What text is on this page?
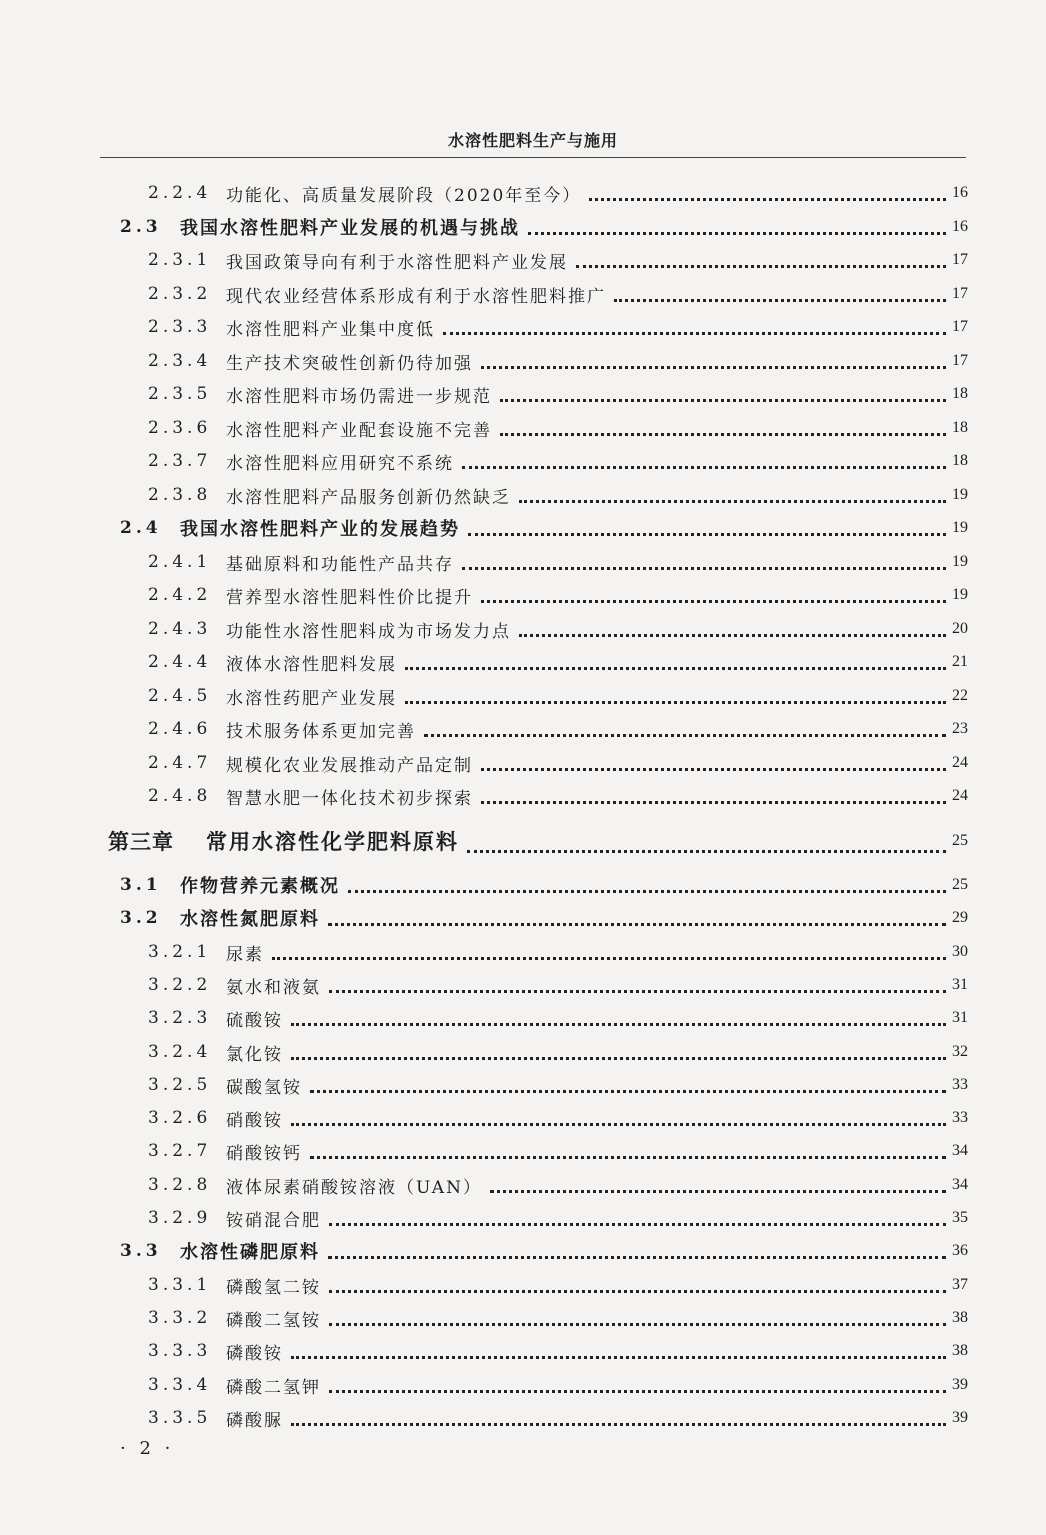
水溶性肥料生产与施用
2.2.4 功能化、高质量发展阶段（2020年至今）	16
2.3 我国水溶性肥料产业发展的机遇与挑战	16
2.3.1 我国政策导向有利于水溶性肥料产业发展	17
2.3.2 现代农业经营体系形成有利于水溶性肥料推广	17
2.3.3 水溶性肥料产业集中度低	17
2.3.4 生产技术突破性创新仍待加强	17
2.3.5 水溶性肥料市场仍需进一步规范	18
2.3.6 水溶性肥料产业配套设施不完善	18
2.3.7 水溶性肥料应用研究不系统	18
2.3.8 水溶性肥料产品服务创新仍然缺乏	19
2.4 我国水溶性肥料产业的发展趋势	19
2.4.1 基础原料和功能性产品共存	19
2.4.2 营养型水溶性肥料性价比提升	19
2.4.3 功能性水溶性肥料成为市场发力点	20
2.4.4 液体水溶性肥料发展	21
2.4.5 水溶性药肥产业发展	22
2.4.6 技术服务体系更加完善	23
2.4.7 规模化农业发展推动产品定制	24
2.4.8 智慧水肥一体化技术初步探索	24
第三章 常用水溶性化学肥料原料	25
3.1 作物营养元素概况	25
3.2 水溶性氮肥原料	29
3.2.1 尿素	30
3.2.2 氨水和液氨	31
3.2.3 硫酸铵	31
3.2.4 氯化铵	32
3.2.5 碳酸氢铵	33
3.2.6 硝酸铵	33
3.2.7 硝酸铵钙	34
3.2.8 液体尿素硝酸铵溶液（UAN）	34
3.2.9 铵硝混合肥	35
3.3 水溶性磷肥原料	36
3.3.1 磷酸氢二铵	37
3.3.2 磷酸二氢铵	38
3.3.3 磷酸铵	38
3.3.4 磷酸二氢钾	39
3.3.5 磷酸脲	39
· 2 ·
